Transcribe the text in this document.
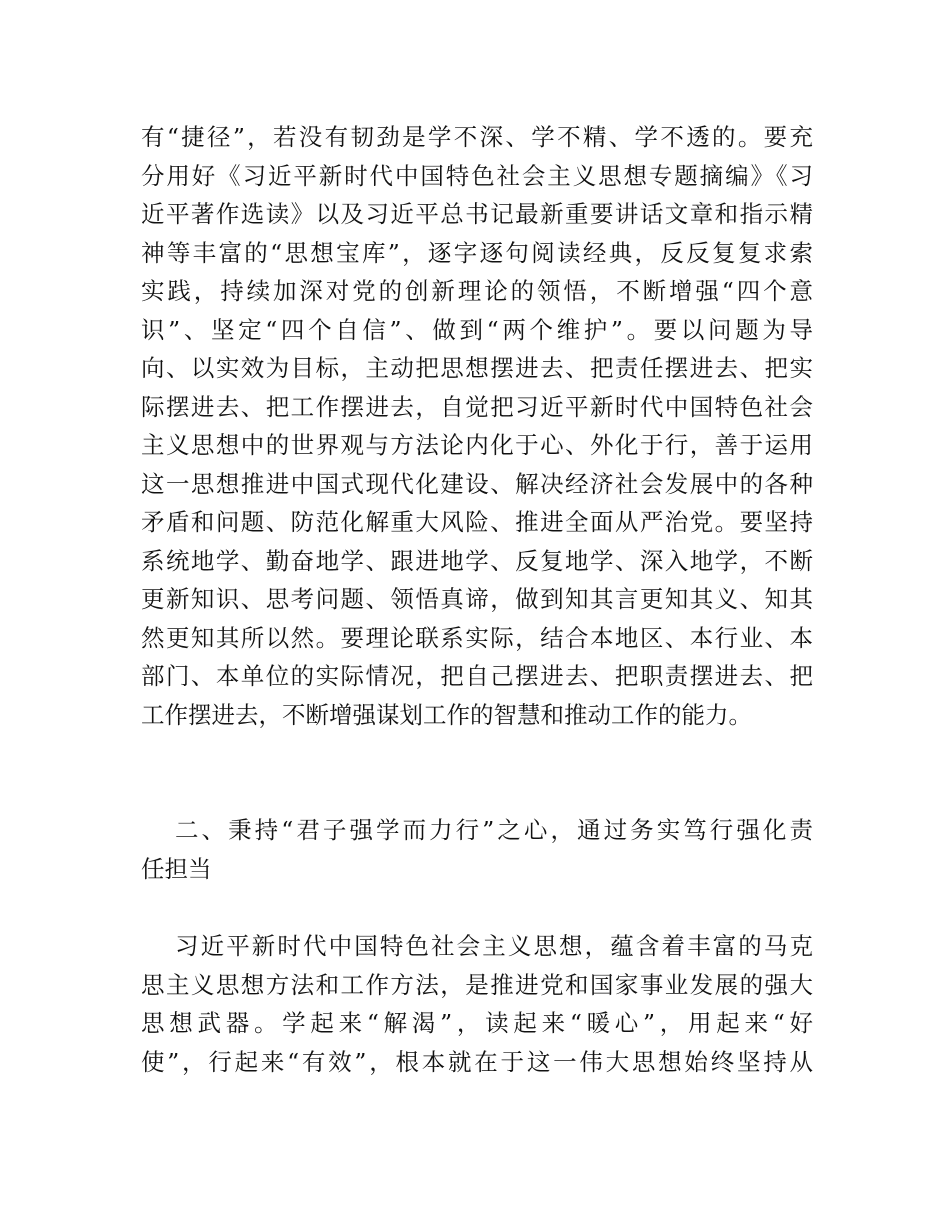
有“捷径”，若没有韧劲是学不深、学不精、学不透的。要充
分用好《习近平新时代中国特色社会主义思想专题摘编》《习
近平著作选读》以及习近平总书记最新重要讲话文章和指示精
神等丰富的“思想宝库”，逐字逐句阅读经典，反反复复求索
实践，持续加深对党的创新理论的领悟，不断增强“四个意
识”、坚定“四个自信”、做到“两个维护”。要以问题为导
向、以实效为目标，主动把思想摆进去、把责任摆进去、把实
际摆进去、把工作摆进去，自觉把习近平新时代中国特色社会
主义思想中的世界观与方法论内化于心、外化于行，善于运用
这一思想推进中国式现代化建设、解决经济社会发展中的各种
矛盾和问题、防范化解重大风险、推进全面从严治党。要坚持
系统地学、勤奋地学、跟进地学、反复地学、深入地学，不断
更新知识、思考问题、领悟真谛，做到知其言更知其义、知其
然更知其所以然。要理论联系实际，结合本地区、本行业、本
部门、本单位的实际情况，把自己摆进去、把职责摆进去、把
工作摆进去，不断增强谋划工作的智慧和推动工作的能力。
二、秉持“君子强学而力行”之心，通过务实笃行强化责
任担当
习近平新时代中国特色社会主义思想，蕴含着丰富的马克
思主义思想方法和工作方法，是推进党和国家事业发展的强大
思想武器。学起来“解渴”，读起来“暖心”，用起来“好
使”，行起来“有效”，根本就在于这一伟大思想始终坚持从
